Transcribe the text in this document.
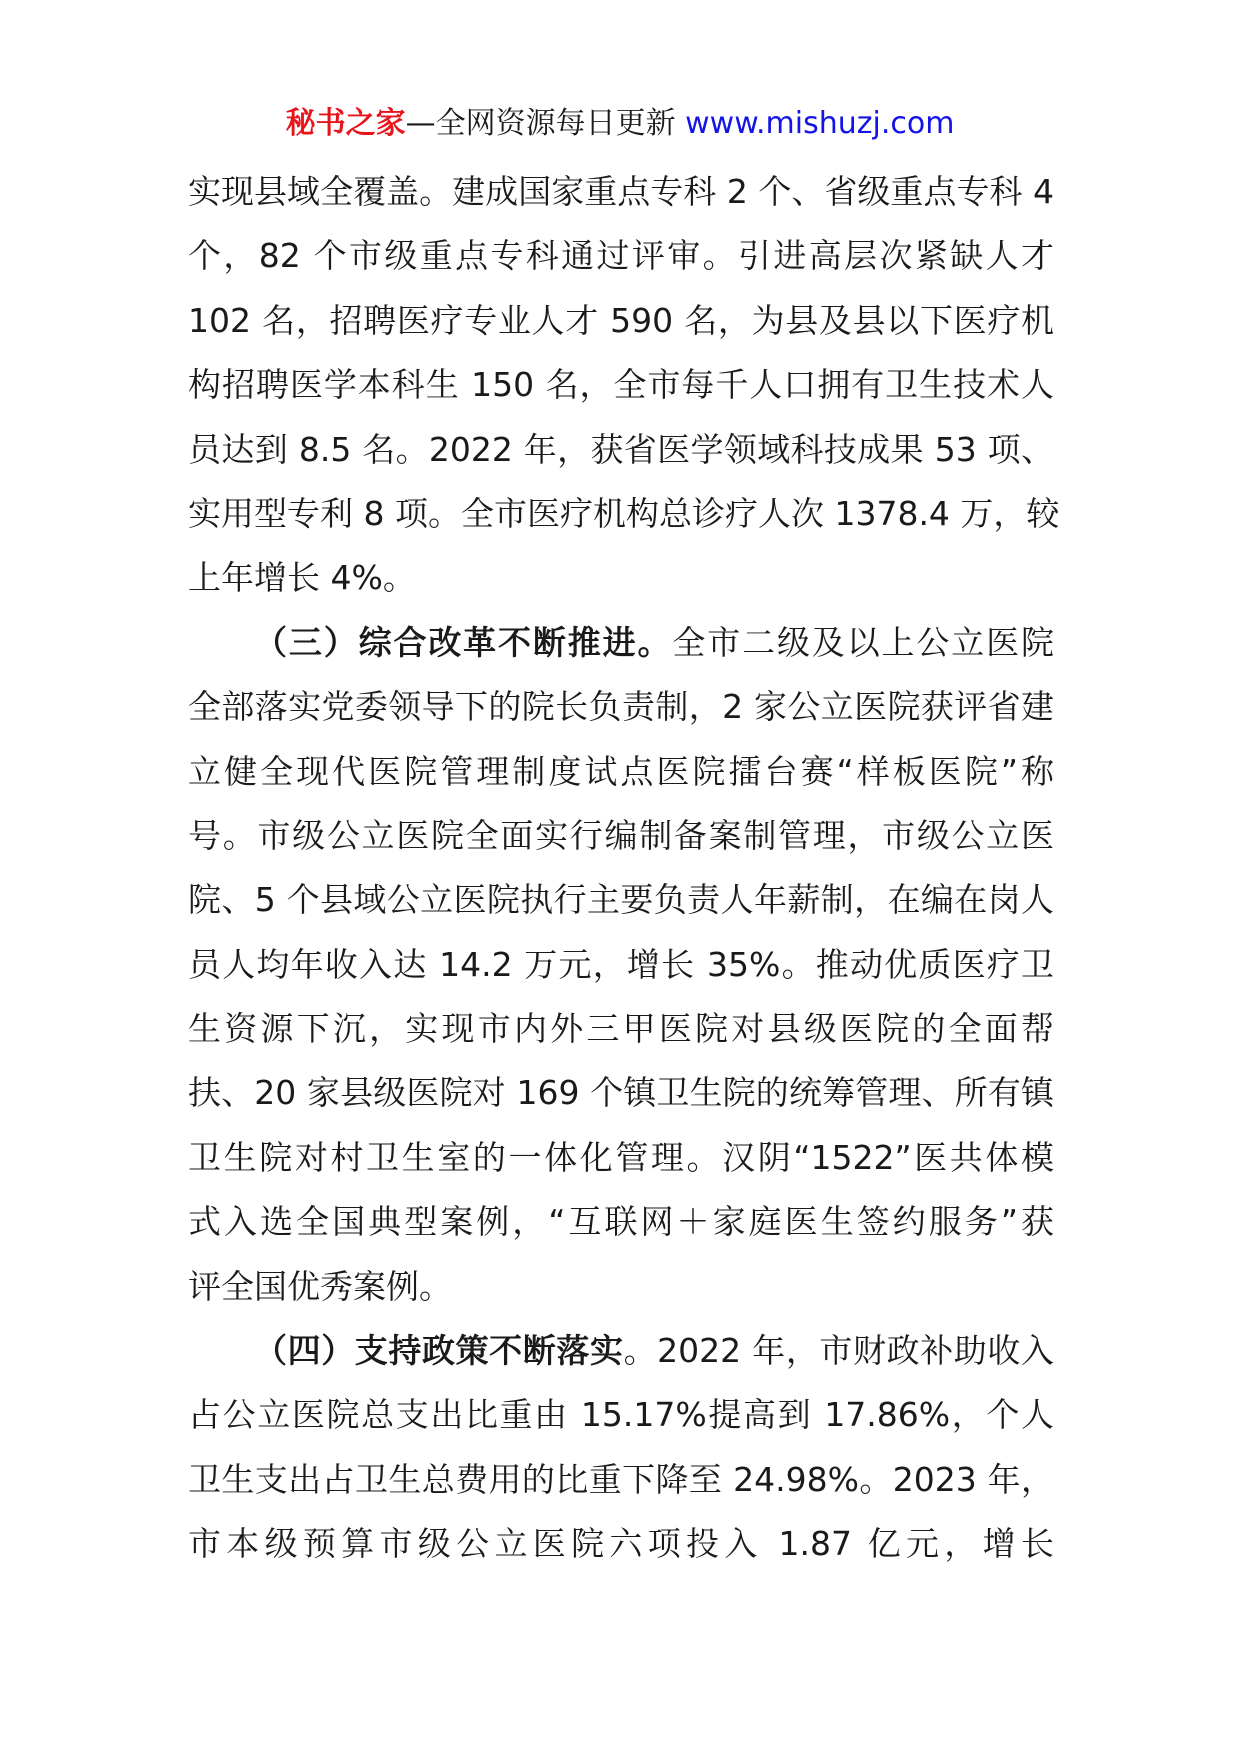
秘书之家—全网资源每日更新 www.mishuzj.com
实现县域全覆盖。建成国家重点专科 2 个、省级重点专科 4
个，82 个市级重点专科通过评审。引进高层次紧缺人才
102 名，招聘医疗专业人才 590 名，为县及县以下医疗机
构招聘医学本科生 150 名，全市每千人口拥有卫生技术人
员达到 8.5 名。2022 年，获省医学领域科技成果 53 项、
实用型专利 8 项。全市医疗机构总诊疗人次 1378.4 万，较
上年增长 4%。
（三）综合改革不断推进。全市二级及以上公立医院
全部落实党委领导下的院长负责制，2 家公立医院获评省建
立健全现代医院管理制度试点医院擂台赛“样板医院”称
号。市级公立医院全面实行编制备案制管理，市级公立医
院、5 个县域公立医院执行主要负责人年薪制，在编在岗人
员人均年收入达 14.2 万元，增长 35%。推动优质医疗卫
生资源下沉，实现市内外三甲医院对县级医院的全面帮
扶、20 家县级医院对 169 个镇卫生院的统筹管理、所有镇
卫生院对村卫生室的一体化管理。汉阴“1522”医共体模
式入选全国典型案例，“互联网＋家庭医生签约服务”获
评全国优秀案例。
（四）支持政策不断落实。2022 年，市财政补助收入
占公立医院总支出比重由 15.17%提高到 17.86%，个人
卫生支出占卫生总费用的比重下降至 24.98%。2023 年，
市本级预算市级公立医院六项投入 1.87 亿元，增长
